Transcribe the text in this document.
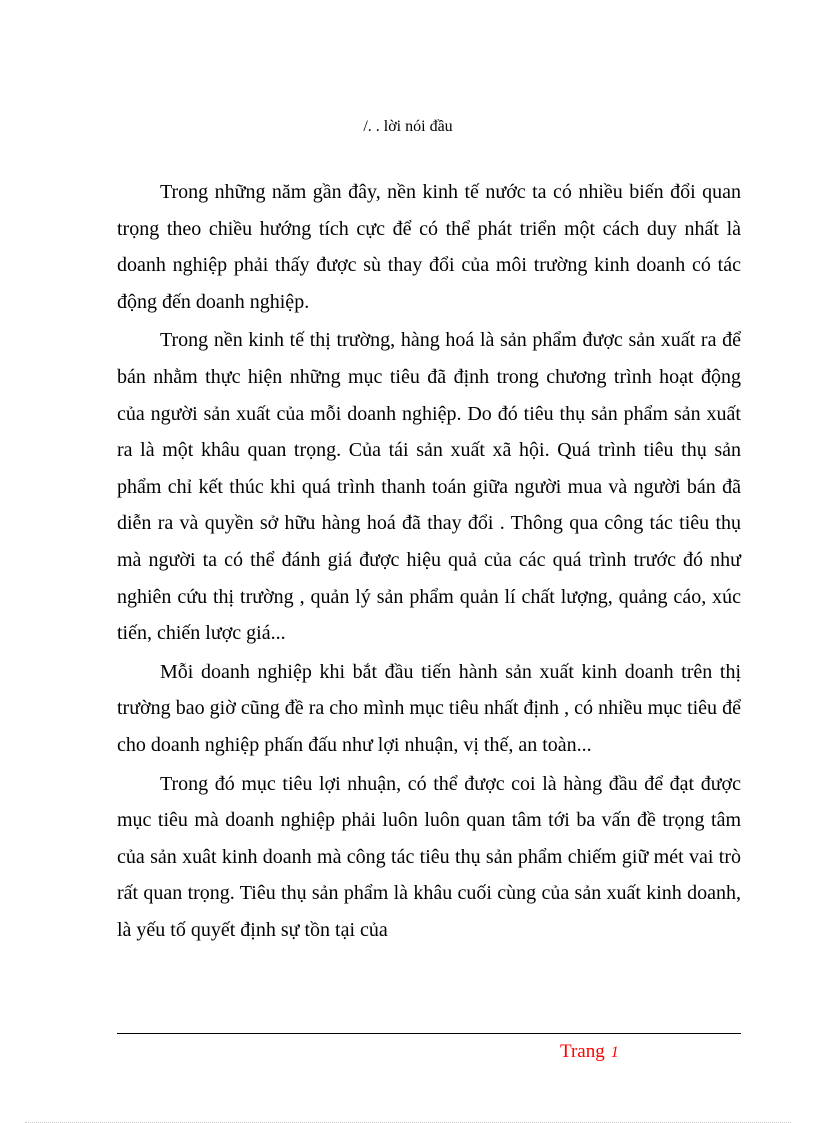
/. . lời nói đầu

Trong những năm gần đây, nền kinh tế nước ta có nhiều biến đổi quan trọng theo chiều hướng tích cực để có thể phát triển một cách duy nhất là doanh nghiệp phải thấy được sù thay đổi của môi trường kinh doanh có tác động đến doanh nghiệp.

Trong nền kinh tế thị trường, hàng hoá là sản phẩm được sản xuất ra để bán nhằm thực hiện những mục tiêu đã định trong chương trình hoạt động của người sản xuất của mỗi doanh nghiệp. Do đó tiêu thụ sản phẩm sản xuất ra là một khâu quan trọng. Của tái sản xuất xã hội. Quá trình tiêu thụ sản phẩm chỉ kết thúc khi quá trình thanh toán giữa người mua và người bán đã diễn ra và quyền sở hữu hàng hoá đã thay đổi . Thông qua công tác tiêu thụ mà người ta có thể đánh giá được hiệu quả của các quá trình trước đó như nghiên cứu thị trường , quản lý sản phẩm quản lí chất lượng, quảng cáo, xúc tiến, chiến lược giá...

Mỗi doanh nghiệp khi bắt đầu tiến hành sản xuất kinh doanh trên thị trường bao giờ cũng đề ra cho mình mục tiêu nhất định , có nhiều mục tiêu để cho doanh nghiệp phấn đấu như lợi nhuận, vị thế, an toàn...

Trong đó mục tiêu lợi nhuận, có thể được coi là hàng đầu để đạt được mục tiêu mà doanh nghiệp phải luôn luôn quan tâm tới ba vấn đề trọng tâm của sản xuât kinh doanh mà công tác tiêu thụ sản phẩm chiếm giữ mét vai trò rất quan trọng. Tiêu thụ sản phẩm là khâu cuối cùng của sản xuất kinh doanh, là yếu tố quyết định sự tồn tại của

Trang 1
